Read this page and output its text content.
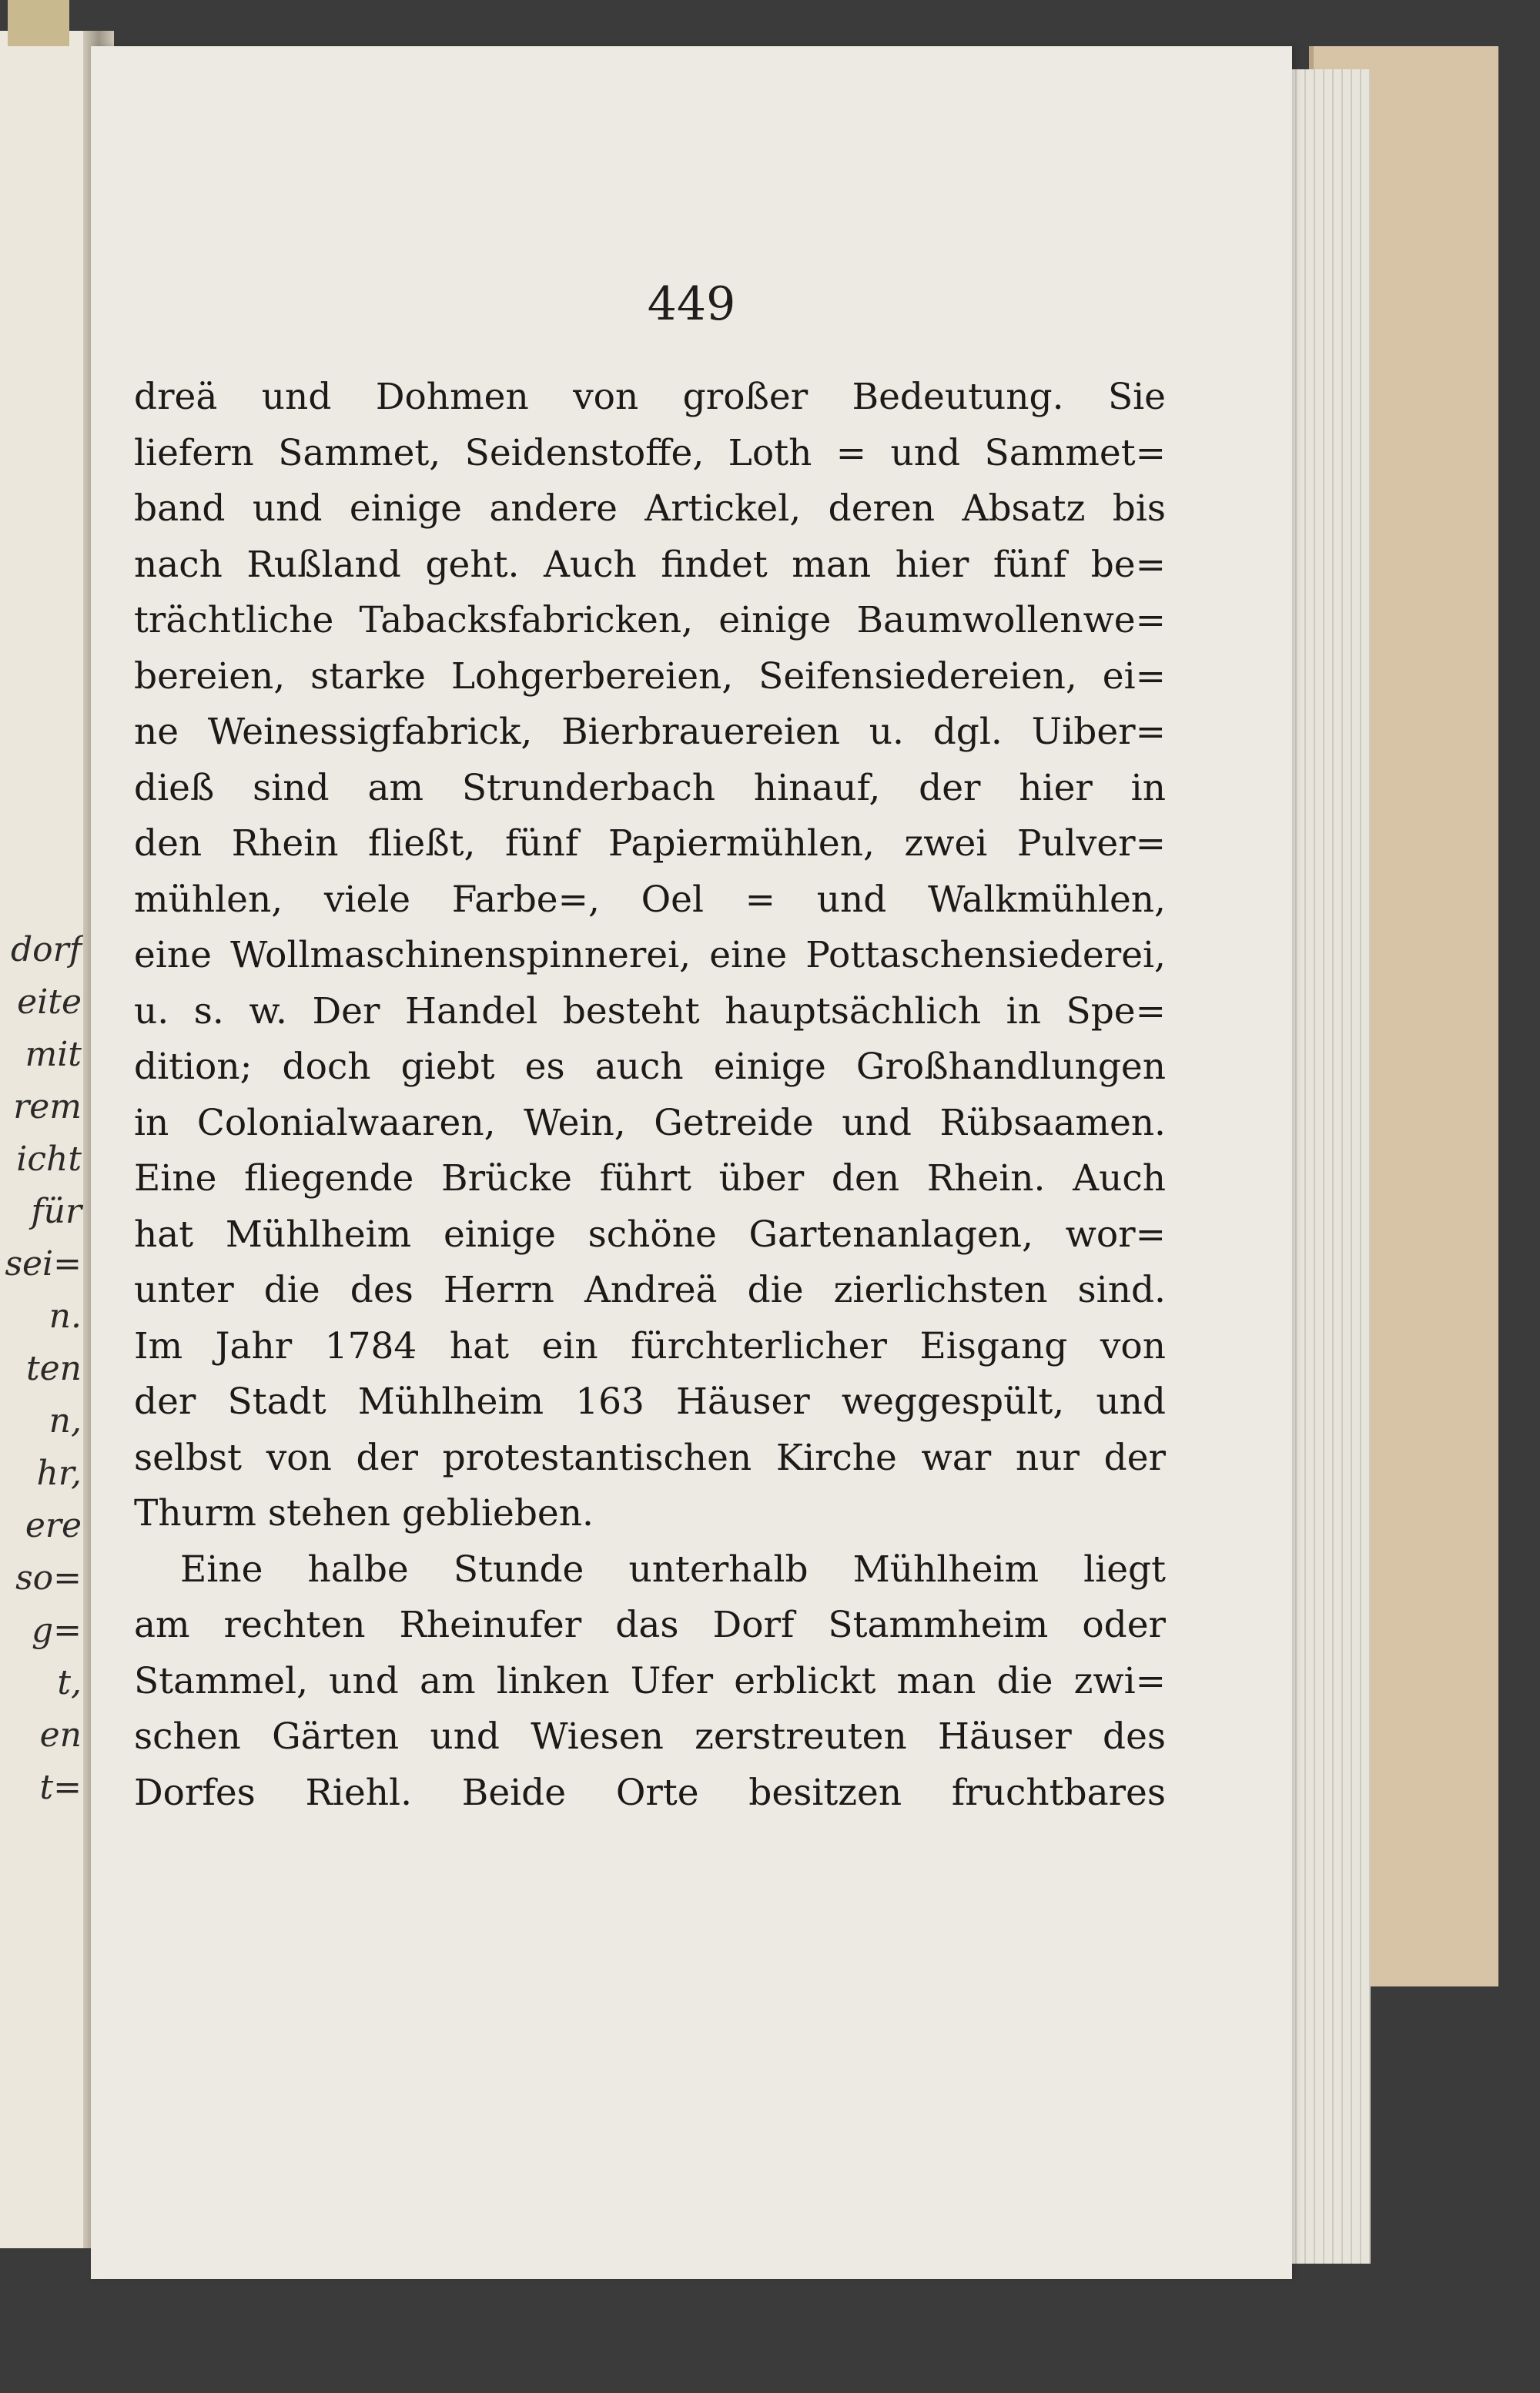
dorf
eite
mit
rem
icht
für
sei=
n.
ten
n,
hr,
ere
so=
g=
t,
en
t=
449
dreä und Dohmen von großer Bedeutung. Sie
liefern Sammet, Seidenstoffe, Loth = und Sammet=
band und einige andere Artickel, deren Absatz bis
nach Rußland geht. Auch findet man hier fünf be=
trächtliche Tabacksfabricken, einige Baumwollenwe=
bereien, starke Lohgerbereien, Seifensiedereien, ei=
ne Weinessigfabrick, Bierbrauereien u. dgl. Uiber=
dieß sind am Strunderbach hinauf, der hier in
den Rhein fließt, fünf Papiermühlen, zwei Pulver=
mühlen, viele Farbe=, Oel = und Walkmühlen,
eine Wollmaschinenspinnerei, eine Pottaschensiederei,
u. s. w. Der Handel besteht hauptsächlich in Spe=
dition; doch giebt es auch einige Großhandlungen
in Colonialwaaren, Wein, Getreide und Rübsaamen.
Eine fliegende Brücke führt über den Rhein. Auch
hat Mühlheim einige schöne Gartenanlagen, wor=
unter die des Herrn Andreä die zierlichsten sind.
Im Jahr 1784 hat ein fürchterlicher Eisgang von
der Stadt Mühlheim 163 Häuser weggespült, und
selbst von der protestantischen Kirche war nur der
Thurm stehen geblieben.
Eine halbe Stunde unterhalb Mühlheim liegt
am rechten Rheinufer das Dorf Stammheim oder
Stammel, und am linken Ufer erblickt man die zwi=
schen Gärten und Wiesen zerstreuten Häuser des
Dorfes Riehl. Beide Orte besitzen fruchtbares
